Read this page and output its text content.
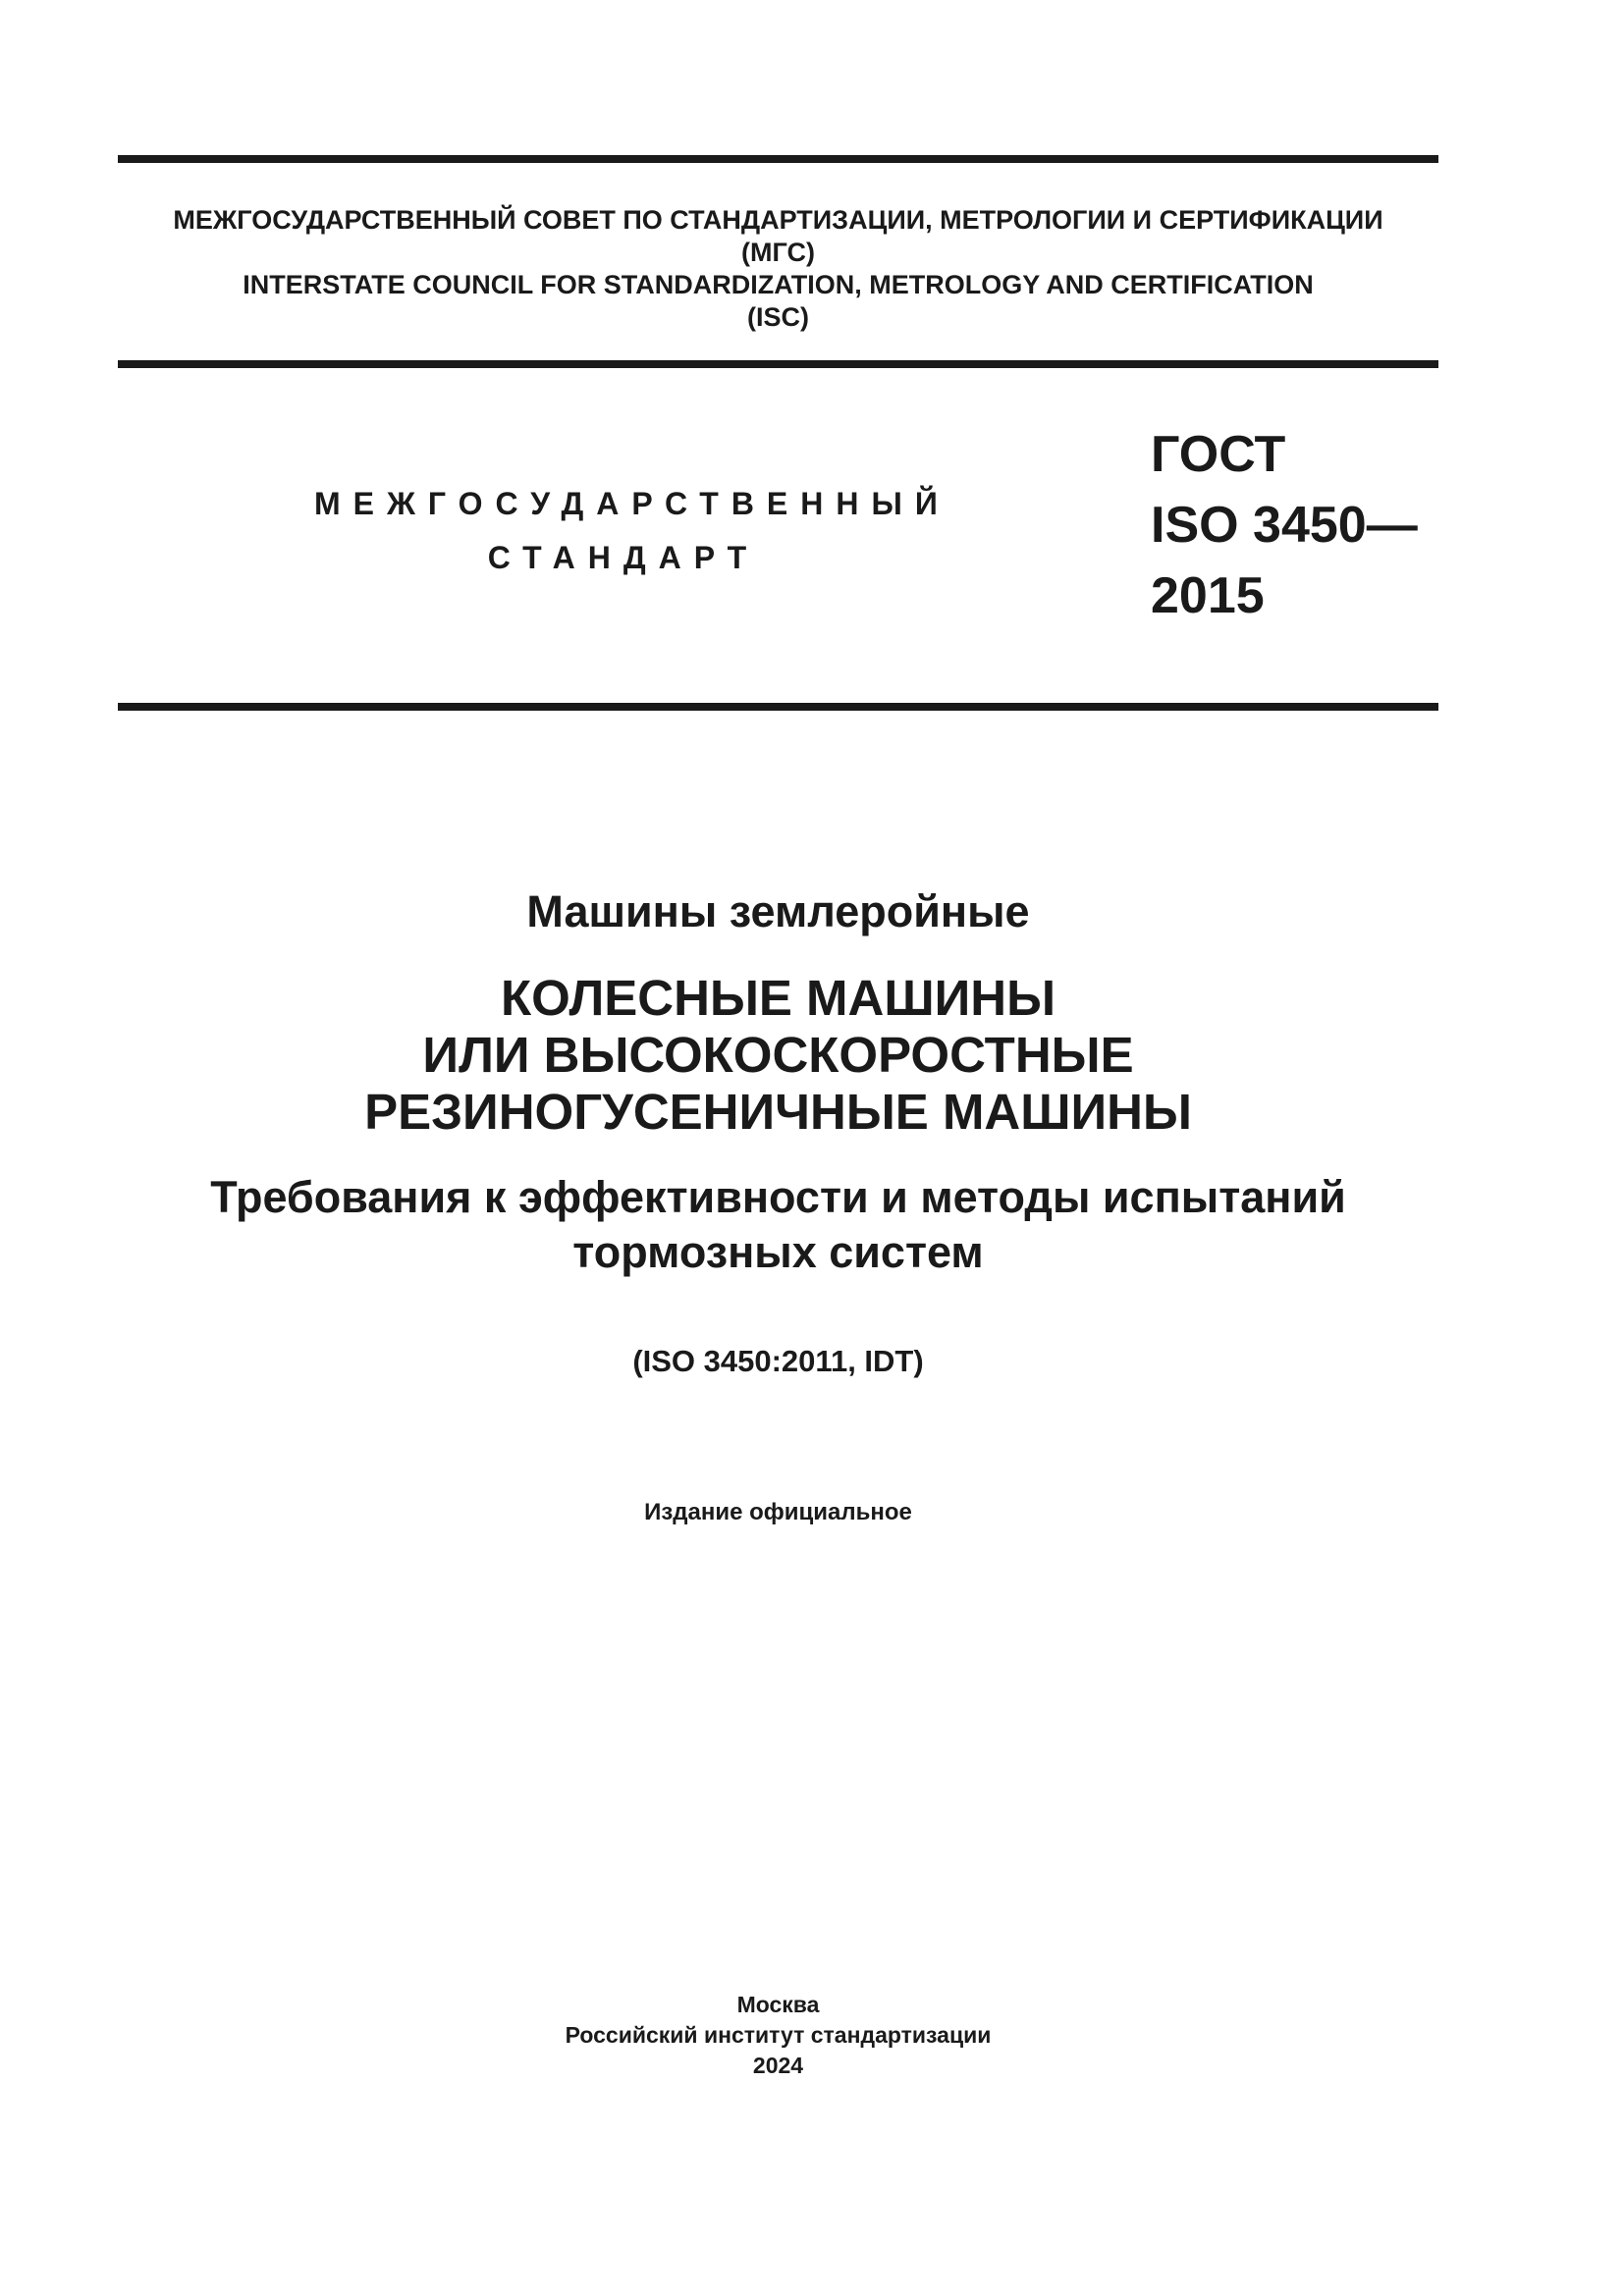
МЕЖГОСУДАРСТВЕННЫЙ СОВЕТ ПО СТАНДАРТИЗАЦИИ, МЕТРОЛОГИИ И СЕРТИФИКАЦИИ
(МГС)
INTERSTATE COUNCIL FOR STANDARDIZATION, METROLOGY AND CERTIFICATION
(ISC)
МЕЖГОСУДАРСТВЕННЫЙ
СТАНДАРТ
ГОСТ
ISO 3450—
2015
Машины землеройные
КОЛЕСНЫЕ МАШИНЫ
ИЛИ ВЫСОКОСКОРОСТНЫЕ
РЕЗИНОГУСЕНИЧНЫЕ МАШИНЫ
Требования к эффективности и методы испытаний
тормозных систем
(ISO 3450:2011, IDT)
Издание официальное
Москва
Российский институт стандартизации
2024
